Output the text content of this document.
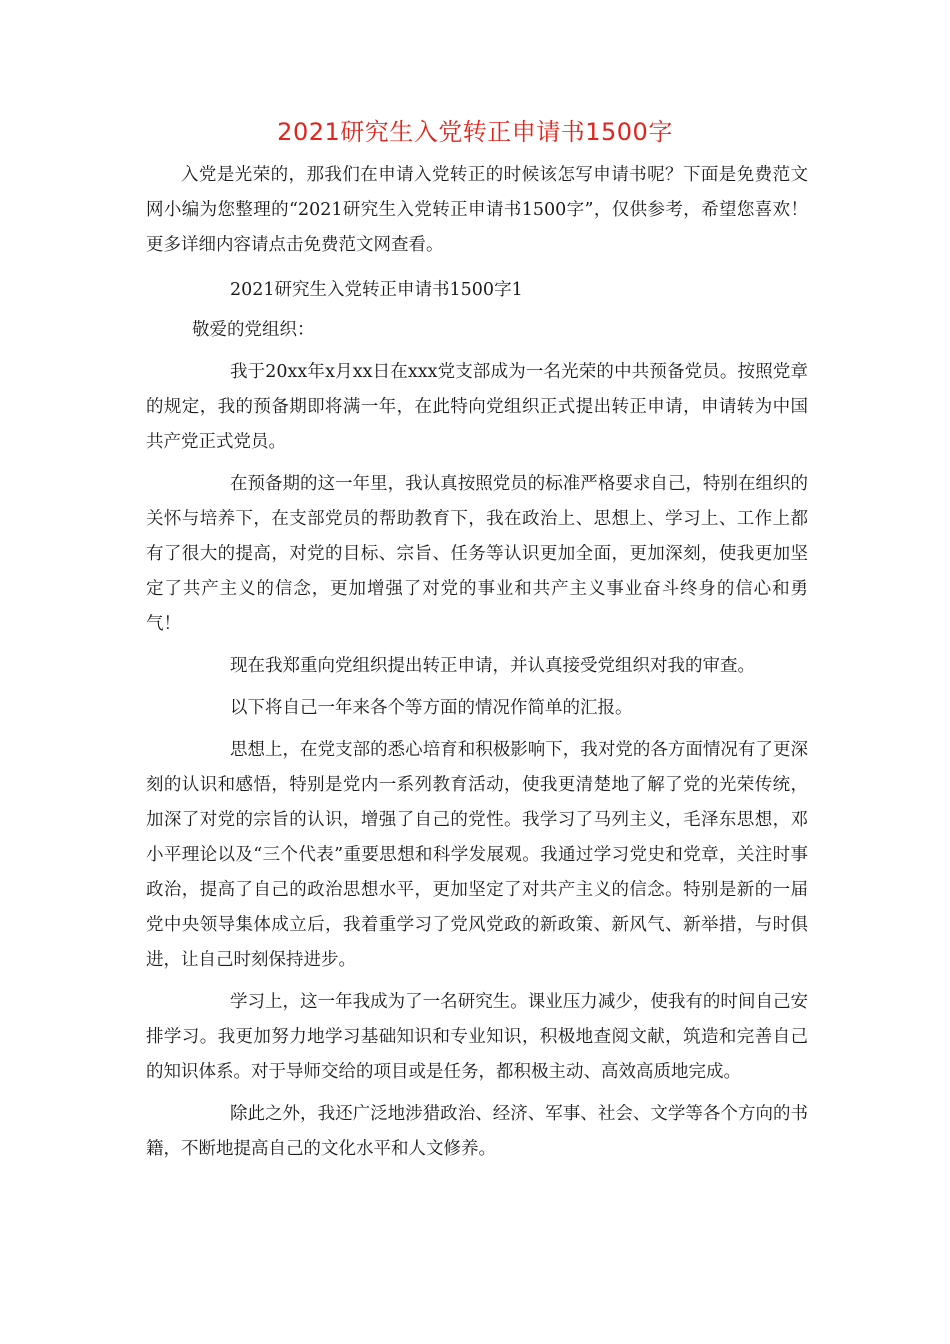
2021研究生入党转正申请书1500字

入党是光荣的，那我们在申请入党转正的时候该怎写申请书呢？下面是免费范文网小编为您整理的“2021研究生入党转正申请书1500字”，仅供参考，希望您喜欢！更多详细内容请点击免费范文网查看。

2021研究生入党转正申请书1500字1

敬爱的党组织：

我于20xx年x月xx日在xxx党支部成为一名光荣的中共预备党员。按照党章的规定，我的预备期即将满一年，在此特向党组织正式提出转正申请，申请转为中国共产党正式党员。

在预备期的这一年里，我认真按照党员的标准严格要求自己，特别在组织的关怀与培养下，在支部党员的帮助教育下，我在政治上、思想上、学习上、工作上都有了很大的提高，对党的目标、宗旨、任务等认识更加全面，更加深刻，使我更加坚定了共产主义的信念，更加增强了对党的事业和共产主义事业奋斗终身的信心和勇气！

现在我郑重向党组织提出转正申请，并认真接受党组织对我的审查。

以下将自己一年来各个等方面的情况作简单的汇报。

思想上，在党支部的悉心培育和积极影响下，我对党的各方面情况有了更深刻的认识和感悟，特别是党内一系列教育活动，使我更清楚地了解了党的光荣传统，加深了对党的宗旨的认识，增强了自己的党性。我学习了马列主义，毛泽东思想，邓小平理论以及“三个代表”重要思想和科学发展观。我通过学习党史和党章，关注时事政治，提高了自己的政治思想水平，更加坚定了对共产主义的信念。特别是新的一届党中央领导集体成立后，我着重学习了党风党政的新政策、新风气、新举措，与时俱进，让自己时刻保持进步。

学习上，这一年我成为了一名研究生。课业压力减少，使我有的时间自己安排学习。我更加努力地学习基础知识和专业知识，积极地查阅文献，筑造和完善自己的知识体系。对于导师交给的项目或是任务，都积极主动、高效高质地完成。

除此之外，我还广泛地涉猎政治、经济、军事、社会、文学等各个方向的书籍，不断地提高自己的文化水平和人文修养。
